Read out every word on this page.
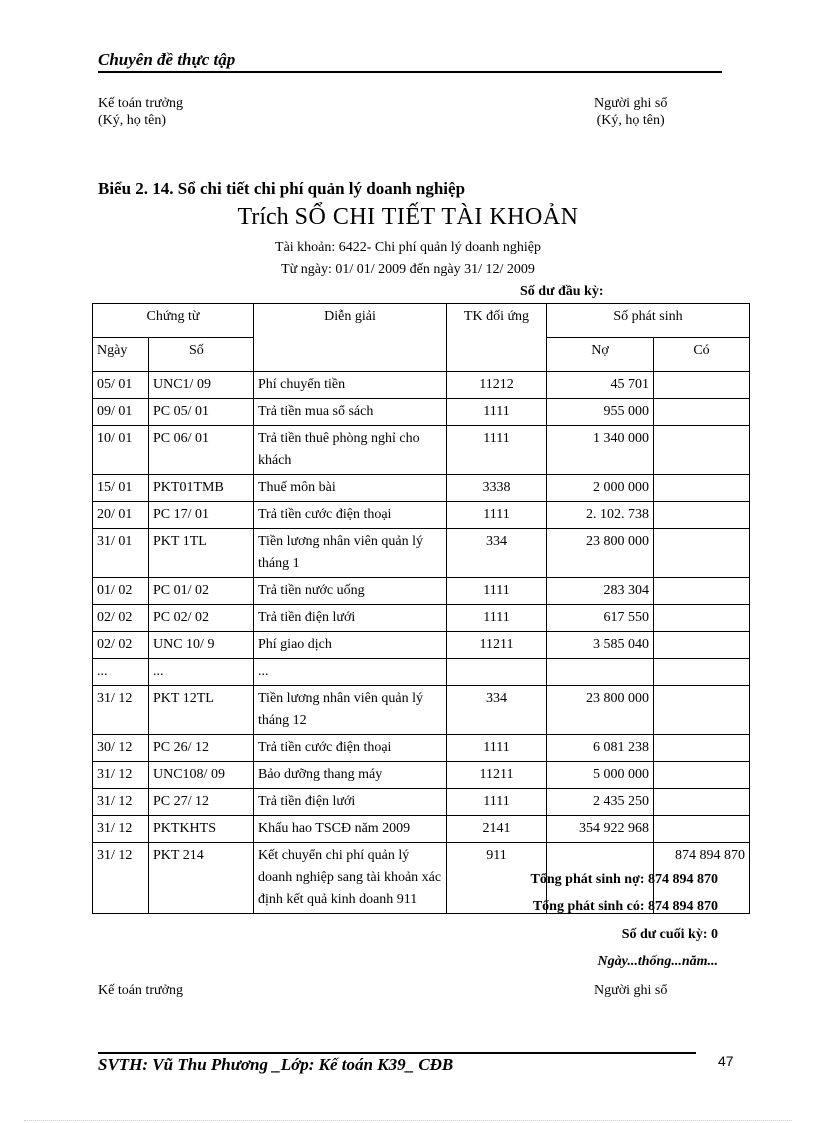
Chuyên đề thực tập
Kế toán trưởng
(Ký, họ tên)
Người ghi sổ
(Ký, họ tên)
Biểu 2. 14. Sổ chi tiết chi phí quản lý doanh nghiệp
Trích SỔ CHI TIẾT TÀI KHOẢN
Tài khoản: 6422- Chi phí quản lý doanh nghiệp
Từ ngày: 01/ 01/ 2009 đến ngày 31/ 12/ 2009
Số dư đầu kỳ:
Chứng từ		Diễn giải	TK đối ứng	Số phát sinh	
Ngày	Số			Nợ	Có
05/ 01	UNC1/ 09	Phí chuyển tiền	11212	45 701	
09/ 01	PC 05/ 01	Trả tiền mua sổ sách	1111	955 000	
10/ 01	PC 06/ 01	Trả tiền thuê phòng nghỉ cho khách	1111	1 340 000	
15/ 01	PKT01TMB	Thuế môn bài	3338	2 000 000	
20/ 01	PC 17/ 01	Trả tiền cước điện thoại	1111	2. 102. 738	
31/ 01	PKT 1TL	Tiền lương nhân viên quản lý tháng 1	334	23 800 000	
01/ 02	PC 01/ 02	Trả tiền nước uống	1111	283 304	
02/ 02	PC 02/ 02	Trả tiền điện lưới	1111	617 550	
02/ 02	UNC 10/ 9	Phí giao dịch	11211	3 585 040	
...	...	...			
31/ 12	PKT 12TL	Tiền lương nhân viên quản lý tháng 12	334	23 800 000	
30/ 12	PC 26/ 12	Trả tiền cước điện thoại	1111	6 081 238	
31/ 12	UNC108/ 09	Bảo dưỡng thang máy	11211	5 000 000	
31/ 12	PC 27/ 12	Trả tiền điện lưới	1111	2 435 250	
31/ 12	PKTKHTS	Khấu hao TSCĐ năm 2009	2141	354 922 968	
31/ 12	PKT 214	Kết chuyển chi phí quản lý doanh nghiệp sang tài khoản xác định kết quả kinh doanh 911	911		874 894 870
Tổng phát sinh nợ: 874 894 870
Tổng phát sinh có: 874 894 870
Số dư cuối kỳ: 0
Ngày...thống...năm...
Kế toán trưởng	Người ghi sổ
SVTH: Vũ Thu Phương _Lớp: Kế toán K39_ CĐB	47
